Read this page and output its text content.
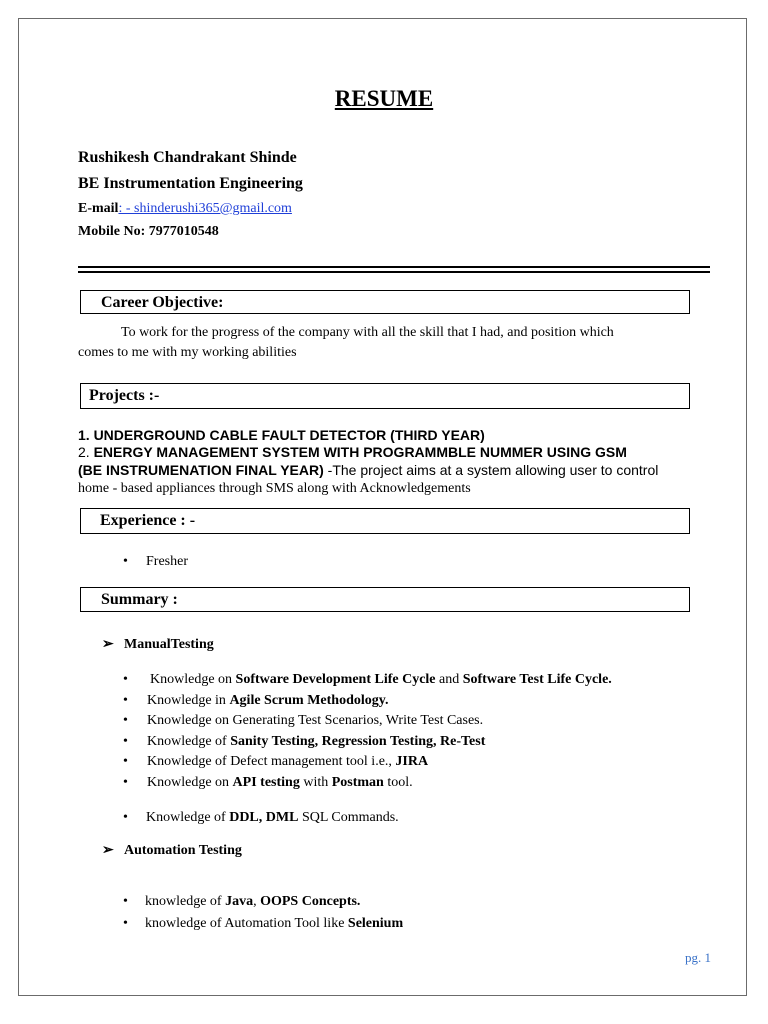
RESUME
Rushikesh Chandrakant Shinde
BE Instrumentation Engineering
E-mail: - shinderushi365@gmail.com
Mobile No: 7977010548
Career Objective:
To work for the progress of the company with all the skill that I had, and position which
comes to me with my working abilities
Projects :-
1. UNDERGROUND CABLE FAULT DETECTOR (THIRD YEAR)
2. ENERGY MANAGEMENT SYSTEM WITH PROGRAMMBLE NUMMER USING GSM
(BE INSTRUMENATION FINAL YEAR) -The project aims at a system allowing user to control
home - based appliances through SMS along with Acknowledgements
Experience : -
• Fresher
Summary :
➢ ManualTesting
• Knowledge on Software Development Life Cycle and Software Test Life Cycle.
• Knowledge in Agile Scrum Methodology.
• Knowledge on Generating Test Scenarios, Write Test Cases.
• Knowledge of Sanity Testing, Regression Testing, Re-Test
• Knowledge of Defect management tool i.e., JIRA
• Knowledge on API testing with Postman tool.
• Knowledge of DDL, DML SQL Commands.
➢ Automation Testing
• knowledge of Java, OOPS Concepts.
• knowledge of Automation Tool like Selenium
pg. 1
